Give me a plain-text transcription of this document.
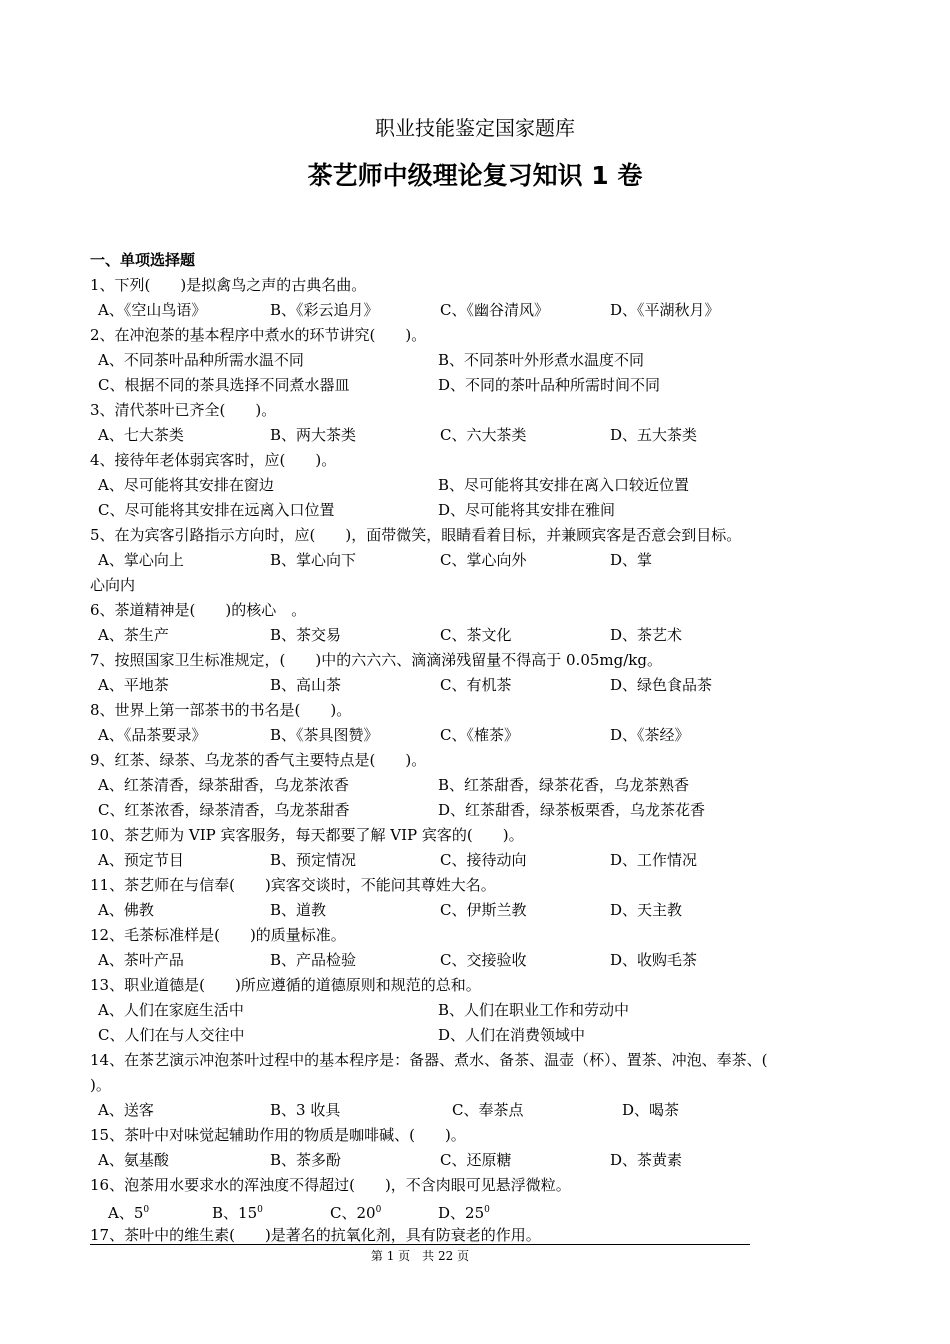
职业技能鉴定国家题库
茶艺师中级理论复习知识 1 卷
一、单项选择题
1、下列(　　)是拟禽鸟之声的古典名曲。
A、《空山鸟语》	B、《彩云追月》	C、《幽谷清风》	D、《平湖秋月》
2、在冲泡茶的基本程序中煮水的环节讲究(　　)。
A、不同茶叶品种所需水温不同	B、不同茶叶外形煮水温度不同
C、根据不同的茶具选择不同煮水器皿	D、不同的茶叶品种所需时间不同
3、清代茶叶已齐全(　　)。
A、七大茶类	B、两大茶类	C、六大茶类	D、五大茶类
4、接待年老体弱宾客时，应(　　)。
A、尽可能将其安排在窗边	B、尽可能将其安排在离入口较近位置
C、尽可能将其安排在远离入口位置	D、尽可能将其安排在雅间
5、在为宾客引路指示方向时，应(　　)，面带微笑，眼睛看着目标，并兼顾宾客是否意会到目标。
A、掌心向上	B、掌心向下	C、掌心向外	D、掌
心向内
6、茶道精神是(　　)的核心　。
A、茶生产	B、茶交易	C、茶文化	D、茶艺术
7、按照国家卫生标准规定，(　　)中的六六六、滴滴涕残留量不得高于 0.05mg/kg。
A、平地茶	B、高山茶	C、有机茶	D、绿色食品茶
8、世界上第一部茶书的书名是(　　)。
A、《品茶要录》	B、《茶具图赞》	C、《榷茶》	D、《茶经》
9、红茶、绿茶、乌龙茶的香气主要特点是(　　)。
A、红茶清香，绿茶甜香，乌龙茶浓香	B、红茶甜香，绿茶花香，乌龙茶熟香
C、红茶浓香，绿茶清香，乌龙茶甜香	D、红茶甜香，绿茶板栗香，乌龙茶花香
10、茶艺师为 VIP 宾客服务，每天都要了解 VIP 宾客的(　　)。
A、预定节目	B、预定情况	C、接待动向	D、工作情况
11、茶艺师在与信奉(　　)宾客交谈时，不能问其尊姓大名。
A、佛教	B、道教	C、伊斯兰教	D、天主教
12、毛茶标准样是(　　)的质量标准。
A、茶叶产品	B、产品检验	C、交接验收	D、收购毛茶
13、职业道德是(　　)所应遵循的道德原则和规范的总和。
A、人们在家庭生活中	B、人们在职业工作和劳动中
C、人们在与人交往中	D、人们在消费领域中
14、在茶艺演示冲泡茶叶过程中的基本程序是：备器、煮水、备茶、温壶（杯）、置茶、冲泡、奉茶、(
)。
A、送客	B、3 收具	C、奉茶点	D、喝茶
15、茶叶中对味觉起辅助作用的物质是咖啡碱、(　　)。
A、氨基酸	B、茶多酚	C、还原糖	D、茶黄素
16、泡茶用水要求水的浑浊度不得超过(　　)，不含肉眼可见悬浮微粒。
A、$5^0$	B、$15^0$	C、$20^0$	D、$25^0$
17、茶叶中的维生素(　　)是著名的抗氧化剂，具有防衰老的作用。
第 1 页　共 22 页
